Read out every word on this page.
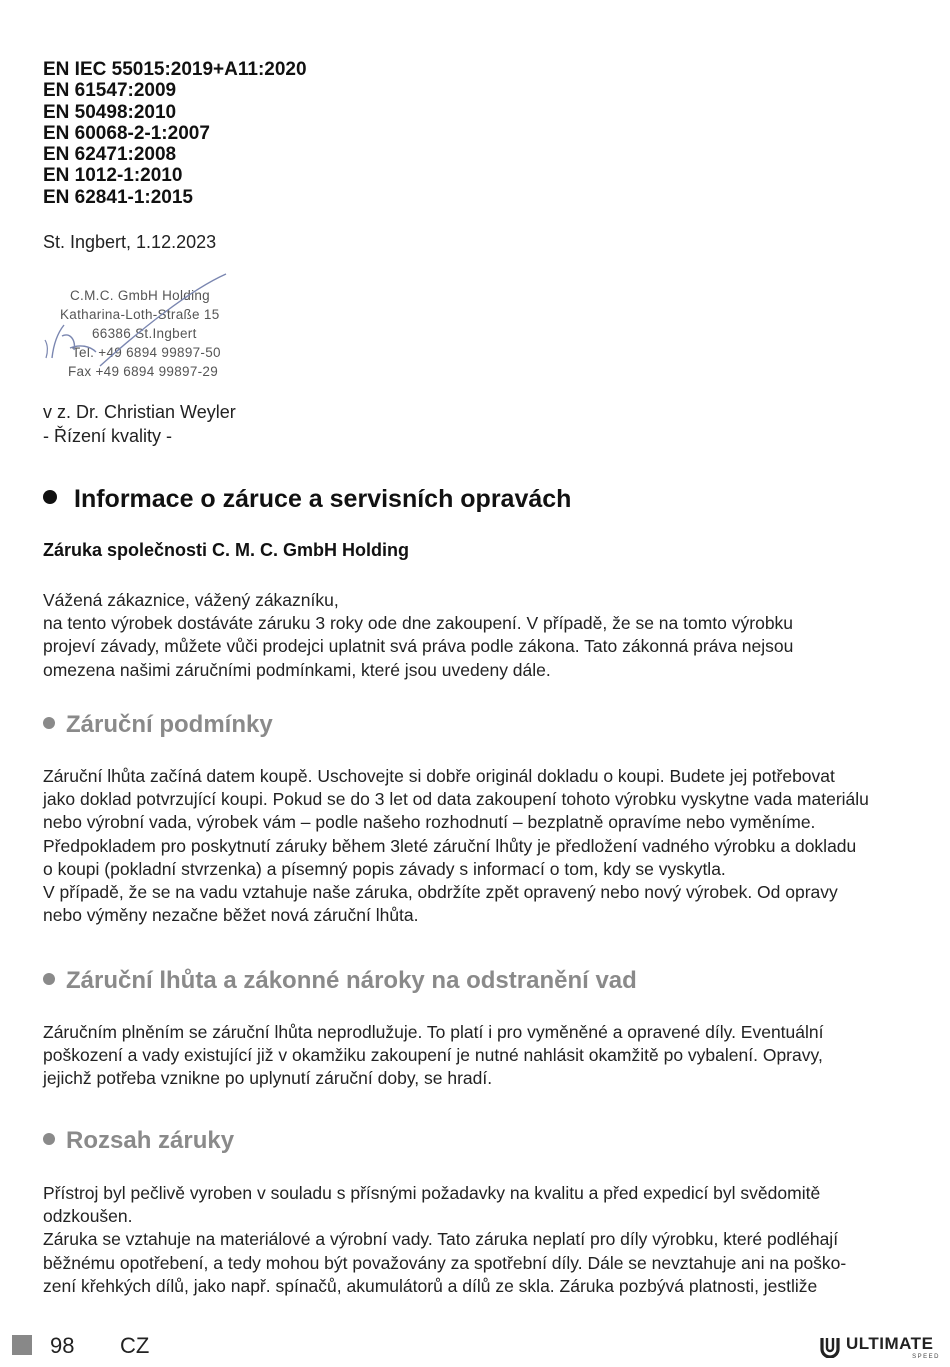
EN IEC 55015:2019+A11:2020
EN 61547:2009
EN 50498:2010
EN 60068-2-1:2007
EN 62471:2008
EN 1012-1:2010
EN 62841-1:2015
St. Ingbert, 1.12.2023
C.M.C. GmbH Holding
Katharina-Loth-Straße 15
66386 St.Ingbert
Tel. +49 6894 99897-50
Fax +49 6894 99897-29
v z. Dr. Christian Weyler
- Řízení kvality -
Informace o záruce a servisních opravách
Záruka společnosti C. M. C. GmbH Holding
Vážená zákaznice, vážený zákazníku,
na tento výrobek dostáváte záruku 3 roky ode dne zakoupení. V případě, že se na tomto výrobku
projeví závady, můžete vůči prodejci uplatnit svá práva podle zákona. Tato zákonná práva nejsou
omezena našimi záručními podmínkami, které jsou uvedeny dále.
Záruční podmínky
Záruční lhůta začíná datem koupě. Uschovejte si dobře originál dokladu o koupi. Budete jej potřebovat
jako doklad potvrzující koupi. Pokud se do 3 let od data zakoupení tohoto výrobku vyskytne vada materiálu
nebo výrobní vada, výrobek vám – podle našeho rozhodnutí – bezplatně opravíme nebo vyměníme.
Předpokladem pro poskytnutí záruky během 3leté záruční lhůty je předložení vadného výrobku a dokladu
o koupi (pokladní stvrzenka) a písemný popis závady s informací o tom, kdy se vyskytla.
V případě, že se na vadu vztahuje naše záruka, obdržíte zpět opravený nebo nový výrobek. Od opravy
nebo výměny nezačne běžet nová záruční lhůta.
Záruční lhůta a zákonné nároky na odstranění vad
Záručním plněním se záruční lhůta neprodlužuje. To platí i pro vyměněné a opravené díly. Eventuální
poškození a vady existující již v okamžiku zakoupení je nutné nahlásit okamžitě po vybalení. Opravy,
jejichž potřeba vznikne po uplynutí záruční doby, se hradí.
Rozsah záruky
Přístroj byl pečlivě vyroben v souladu s přísnými požadavky na kvalitu a před expedicí byl svědomitě
odzkoušen.
Záruka se vztahuje na materiálové a výrobní vady. Tato záruka neplatí pro díly výrobku, které podléhají
běžnému opotřebení, a tedy mohou být považovány za spotřební díly. Dále se nevztahuje ani na poško-
zení křehkých dílů, jako např. spínačů, akumulátorů a dílů ze skla. Záruka pozbývá platnosti, jestliže
98 CZ	ULTIMATE
SPEED
